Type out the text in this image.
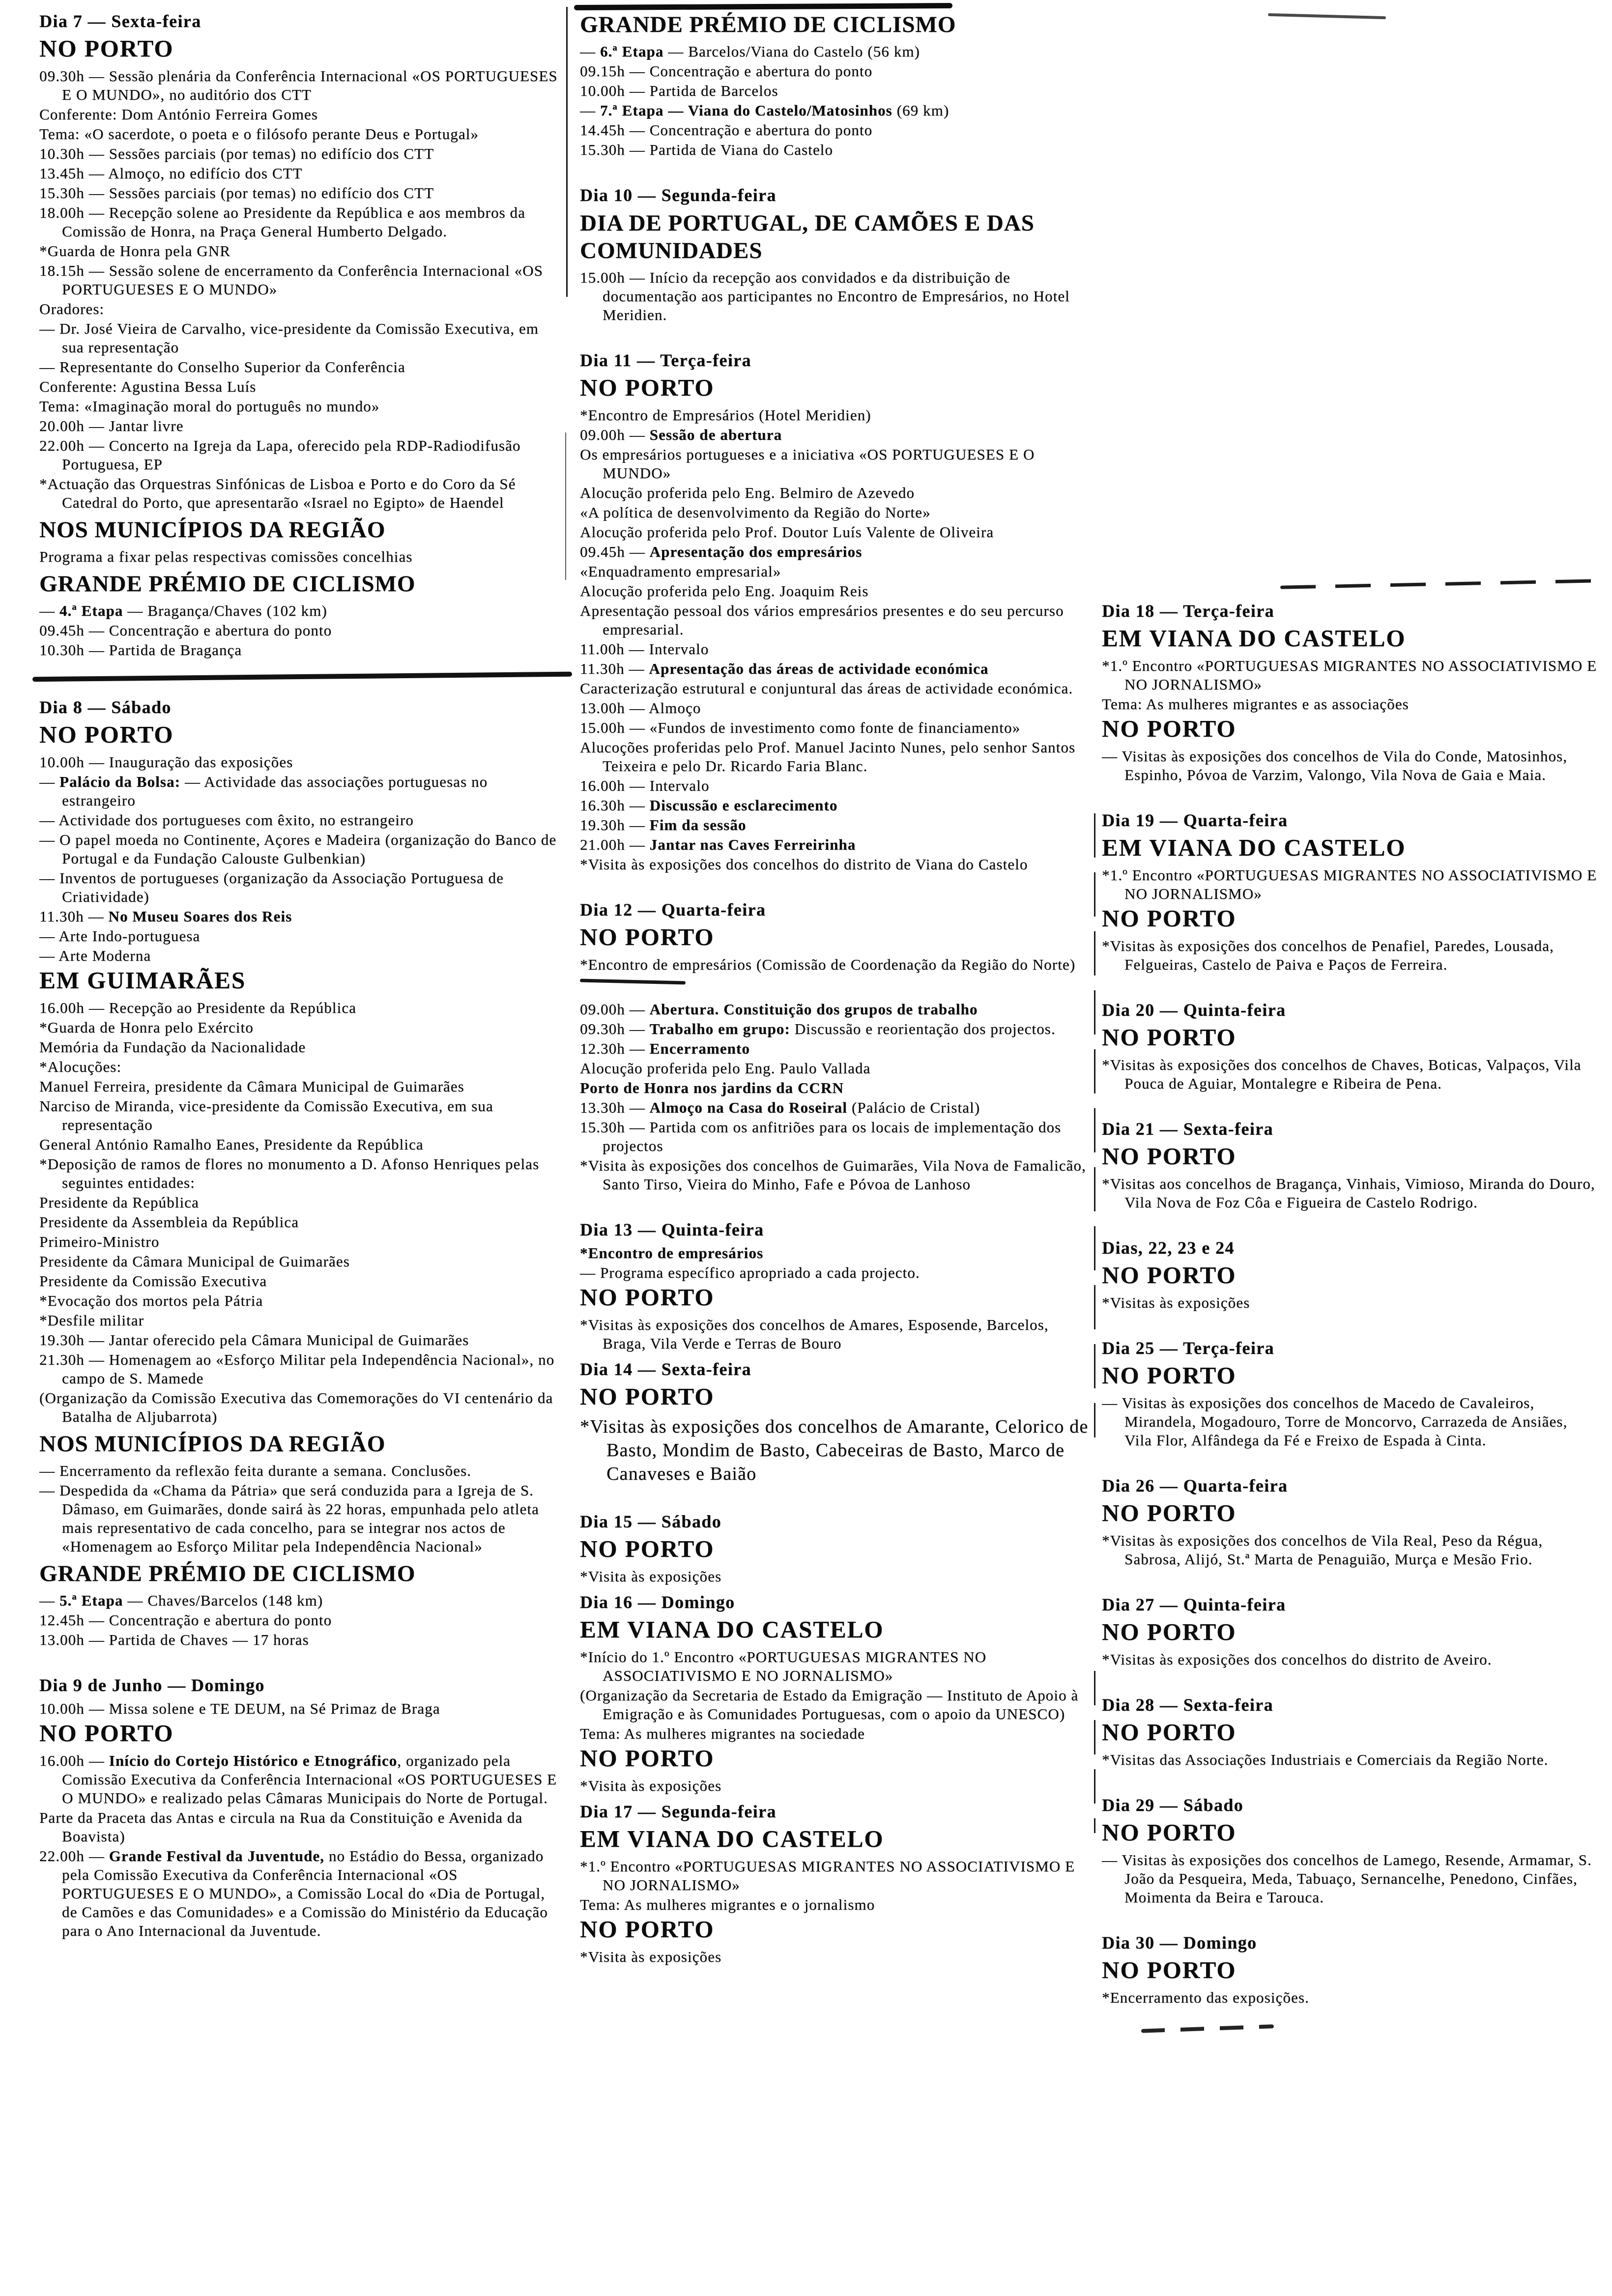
Dia 7 — Sexta-feira
NO PORTO
09.30h — Sessão plenária da Conferência Internacional «OS PORTUGUESES E O MUNDO», no auditório dos CTT
Conferente: Dom António Ferreira Gomes
Tema: «O sacerdote, o poeta e o filósofo perante Deus e Portugal»
10.30h — Sessões parciais (por temas) no edifício dos CTT
13.45h — Almoço, no edifício dos CTT
15.30h — Sessões parciais (por temas) no edifício dos CTT
18.00h — Recepção solene ao Presidente da República e aos membros da Comissão de Honra, na Praça General Humberto Delgado.
*Guarda de Honra pela GNR
18.15h — Sessão solene de encerramento da Conferência Internacional «OS PORTUGUESES E O MUNDO»
Oradores:
— Dr. José Vieira de Carvalho, vice-presidente da Comissão Executiva, em sua representação
— Representante do Conselho Superior da Conferência
Conferente: Agustina Bessa Luís
Tema: «Imaginação moral do português no mundo»
20.00h — Jantar livre
22.00h — Concerto na Igreja da Lapa, oferecido pela RDP-Radiodifusão Portuguesa, EP
*Actuação das Orquestras Sinfónicas de Lisboa e Porto e do Coro da Sé Catedral do Porto, que apresentarão «Israel no Egipto» de Haendel
NOS MUNICÍPIOS DA REGIÃO
Programa a fixar pelas respectivas comissões concelhias
GRANDE PRÉMIO DE CICLISMO
— 4.ª Etapa — Bragança/Chaves (102 km)
09.45h — Concentração e abertura do ponto
10.30h — Partida de Bragança
Dia 8 — Sábado
NO PORTO
10.00h — Inauguração das exposições
— Palácio da Bolsa: — Actividade das associações portuguesas no estrangeiro
— Actividade dos portugueses com êxito, no estrangeiro
— O papel moeda no Continente, Açores e Madeira (organização do Banco de Portugal e da Fundação Calouste Gulbenkian)
— Inventos de portugueses (organização da Associação Portuguesa de Criatividade)
11.30h — No Museu Soares dos Reis
— Arte Indo-portuguesa
— Arte Moderna
EM GUIMARÃES
16.00h — Recepção ao Presidente da República
*Guarda de Honra pelo Exército
Memória da Fundação da Nacionalidade
*Alocuções:
Manuel Ferreira, presidente da Câmara Municipal de Guimarães
Narciso de Miranda, vice-presidente da Comissão Executiva, em sua representação
General António Ramalho Eanes, Presidente da República
*Deposição de ramos de flores no monumento a D. Afonso Henriques pelas seguintes entidades:
Presidente da República
Presidente da Assembleia da República
Primeiro-Ministro
Presidente da Câmara Municipal de Guimarães
Presidente da Comissão Executiva
*Evocação dos mortos pela Pátria
*Desfile militar
19.30h — Jantar oferecido pela Câmara Municipal de Guimarães
21.30h — Homenagem ao «Esforço Militar pela Independência Nacional», no campo de S. Mamede
(Organização da Comissão Executiva das Comemorações do VI centenário da Batalha de Aljubarrota)
NOS MUNICÍPIOS DA REGIÃO
— Encerramento da reflexão feita durante a semana. Conclusões.
— Despedida da «Chama da Pátria» que será conduzida para a Igreja de S. Dâmaso, em Guimarães, donde sairá às 22 horas, empunhada pelo atleta mais representativo de cada concelho, para se integrar nos actos de «Homenagem ao Esforço Militar pela Independência Nacional»
GRANDE PRÉMIO DE CICLISMO
— 5.ª Etapa — Chaves/Barcelos (148 km)
12.45h — Concentração e abertura do ponto
13.00h — Partida de Chaves — 17 horas
Dia 9 de Junho — Domingo
10.00h — Missa solene e TE DEUM, na Sé Primaz de Braga
NO PORTO
16.00h — Início do Cortejo Histórico e Etnográfico, organizado pela Comissão Executiva da Conferência Internacional «OS PORTUGUESES E O MUNDO» e realizado pelas Câmaras Municipais do Norte de Portugal.
Parte da Praceta das Antas e circula na Rua da Constituição e Avenida da Boavista)
22.00h — Grande Festival da Juventude, no Estádio do Bessa, organizado pela Comissão Executiva da Conferência Internacional «OS PORTUGUESES E O MUNDO», a Comissão Local do «Dia de Portugal, de Camões e das Comunidades» e a Comissão do Ministério da Educação para o Ano Internacional da Juventude.
GRANDE PRÉMIO DE CICLISMO
— 6.ª Etapa — Barcelos/Viana do Castelo (56 km)
09.15h — Concentração e abertura do ponto
10.00h — Partida de Barcelos
— 7.ª Etapa — Viana do Castelo/Matosinhos (69 km)
14.45h — Concentração e abertura do ponto
15.30h — Partida de Viana do Castelo
Dia 10 — Segunda-feira
DIA DE PORTUGAL, DE CAMÕES E DAS COMUNIDADES
15.00h — Início da recepção aos convidados e da distribuição de documentação aos participantes no Encontro de Empresários, no Hotel Meridien.
Dia 11 — Terça-feira
NO PORTO
*Encontro de Empresários (Hotel Meridien)
09.00h — Sessão de abertura
Os empresários portugueses e a iniciativa «OS PORTUGUESES E O MUNDO»
Alocução proferida pelo Eng. Belmiro de Azevedo
«A política de desenvolvimento da Região do Norte»
Alocução proferida pelo Prof. Doutor Luís Valente de Oliveira
09.45h — Apresentação dos empresários
«Enquadramento empresarial»
Alocução proferida pelo Eng. Joaquim Reis
Apresentação pessoal dos vários empresários presentes e do seu percurso empresarial.
11.00h — Intervalo
11.30h — Apresentação das áreas de actividade económica
Caracterização estrutural e conjuntural das áreas de actividade económica.
13.00h — Almoço
15.00h — «Fundos de investimento como fonte de financiamento»
Alucoções proferidas pelo Prof. Manuel Jacinto Nunes, pelo senhor Santos Teixeira e pelo Dr. Ricardo Faria Blanc.
16.00h — Intervalo
16.30h — Discussão e esclarecimento
19.30h — Fim da sessão
21.00h — Jantar nas Caves Ferreirinha
*Visita às exposições dos concelhos do distrito de Viana do Castelo
Dia 12 — Quarta-feira
NO PORTO
*Encontro de empresários (Comissão de Coordenação da Região do Norte)
09.00h — Abertura. Constituição dos grupos de trabalho
09.30h — Trabalho em grupo: Discussão e reorientação dos projectos.
12.30h — Encerramento
Alocução proferida pelo Eng. Paulo Vallada
Porto de Honra nos jardins da CCRN
13.30h — Almoço na Casa do Roseiral (Palácio de Cristal)
15.30h — Partida com os anfitriões para os locais de implementação dos projectos
*Visita às exposições dos concelhos de Guimarães, Vila Nova de Famalicão, Santo Tirso, Vieira do Minho, Fafe e Póvoa de Lanhoso
Dia 13 — Quinta-feira
*Encontro de empresários
— Programa específico apropriado a cada projecto.
NO PORTO
*Visitas às exposições dos concelhos de Amares, Esposende, Barcelos, Braga, Vila Verde e Terras de Bouro
Dia 14 — Sexta-feira
NO PORTO
*Visitas às exposições dos concelhos de Amarante, Celorico de Basto, Mondim de Basto, Cabeceiras de Basto, Marco de Canaveses e Baião
Dia 15 — Sábado
NO PORTO
*Visita às exposições
Dia 16 — Domingo
EM VIANA DO CASTELO
*Início do 1.º Encontro «PORTUGUESAS MIGRANTES NO ASSOCIATIVISMO E NO JORNALISMO»
(Organização da Secretaria de Estado da Emigração — Instituto de Apoio à Emigração e às Comunidades Portuguesas, com o apoio da UNESCO)
Tema: As mulheres migrantes na sociedade
NO PORTO
*Visita às exposições
Dia 17 — Segunda-feira
EM VIANA DO CASTELO
*1.º Encontro «PORTUGUESAS MIGRANTES NO ASSOCIATIVISMO E NO JORNALISMO»
Tema: As mulheres migrantes e o jornalismo
NO PORTO
*Visita às exposições
Dia 18 — Terça-feira
EM VIANA DO CASTELO
*1.º Encontro «PORTUGUESAS MIGRANTES NO ASSOCIATIVISMO E NO JORNALISMO»
Tema: As mulheres migrantes e as associações
NO PORTO
— Visitas às exposições dos concelhos de Vila do Conde, Matosinhos, Espinho, Póvoa de Varzim, Valongo, Vila Nova de Gaia e Maia.
Dia 19 — Quarta-feira
EM VIANA DO CASTELO
*1.º Encontro «PORTUGUESAS MIGRANTES NO ASSOCIATIVISMO E NO JORNALISMO»
NO PORTO
*Visitas às exposições dos concelhos de Penafiel, Paredes, Lousada, Felgueiras, Castelo de Paiva e Paços de Ferreira.
Dia 20 — Quinta-feira
NO PORTO
*Visitas às exposições dos concelhos de Chaves, Boticas, Valpaços, Vila Pouca de Aguiar, Montalegre e Ribeira de Pena.
Dia 21 — Sexta-feira
NO PORTO
*Visitas aos concelhos de Bragança, Vinhais, Vimioso, Miranda do Douro, Vila Nova de Foz Côa e Figueira de Castelo Rodrigo.
Dias, 22, 23 e 24
NO PORTO
*Visitas às exposições
Dia 25 — Terça-feira
NO PORTO
— Visitas às exposições dos concelhos de Macedo de Cavaleiros, Mirandela, Mogadouro, Torre de Moncorvo, Carrazeda de Ansiães, Vila Flor, Alfândega da Fé e Freixo de Espada à Cinta.
Dia 26 — Quarta-feira
NO PORTO
*Visitas às exposições dos concelhos de Vila Real, Peso da Régua, Sabrosa, Alijó, St.ª Marta de Penaguião, Murça e Mesão Frio.
Dia 27 — Quinta-feira
NO PORTO
*Visitas às exposições dos concelhos do distrito de Aveiro.
Dia 28 — Sexta-feira
NO PORTO
*Visitas das Associações Industriais e Comerciais da Região Norte.
Dia 29 — Sábado
NO PORTO
— Visitas às exposições dos concelhos de Lamego, Resende, Armamar, S. João da Pesqueira, Meda, Tabuaço, Sernancelhe, Penedono, Cinfães, Moimenta da Beira e Tarouca.
Dia 30 — Domingo
NO PORTO
*Encerramento das exposições.
